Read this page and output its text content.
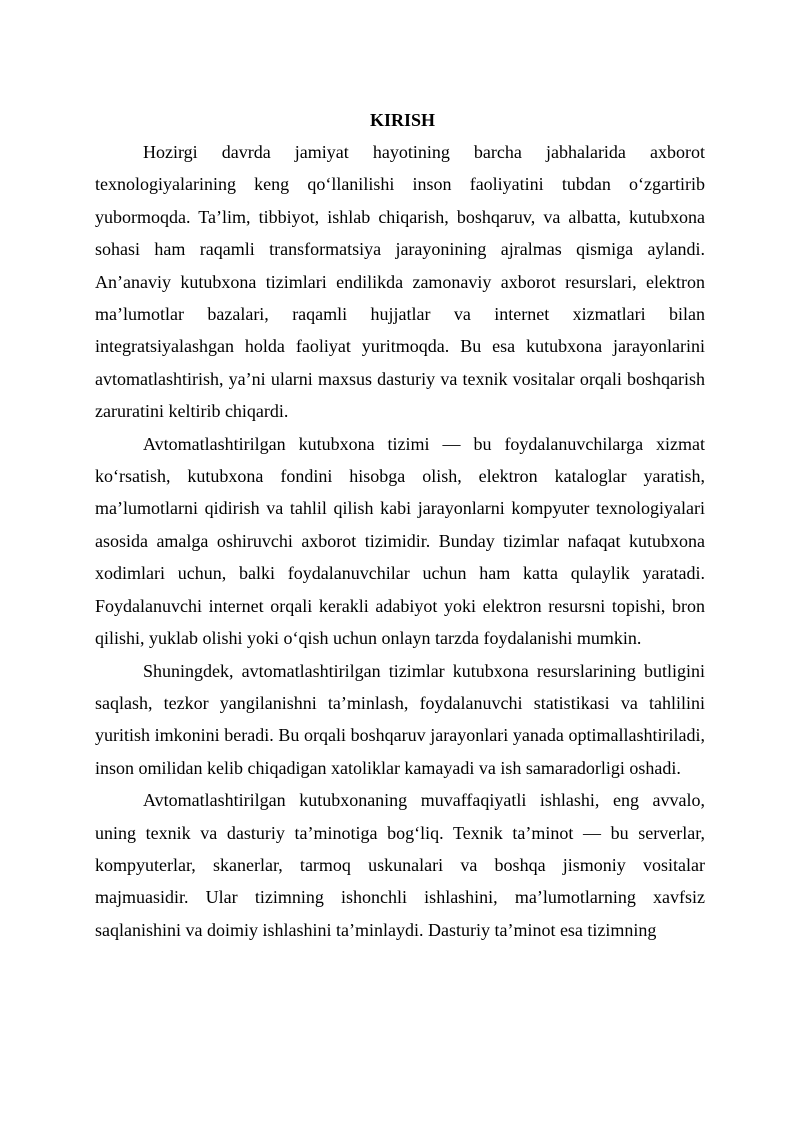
KIRISH

Hozirgi davrda jamiyat hayotining barcha jabhalarida axborot texnologiyalarining keng qo‘llanilishi inson faoliyatini tubdan o‘zgartirib yubormoqda. Ta’lim, tibbiyot, ishlab chiqarish, boshqaruv, va albatta, kutubxona sohasi ham raqamli transformatsiya jarayonining ajralmas qismiga aylandi. An’anaviy kutubxona tizimlari endilikda zamonaviy axborot resurslari, elektron ma’lumotlar bazalari, raqamli hujjatlar va internet xizmatlari bilan integratsiyalashgan holda faoliyat yuritmoqda. Bu esa kutubxona jarayonlarini avtomatlashtirish, ya’ni ularni maxsus dasturiy va texnik vositalar orqali boshqarish zaruratini keltirib chiqardi.

Avtomatlashtirilgan kutubxona tizimi — bu foydalanuvchilarga xizmat ko‘rsatish, kutubxona fondini hisobga olish, elektron kataloglar yaratish, ma’lumotlarni qidirish va tahlil qilish kabi jarayonlarni kompyuter texnologiyalari asosida amalga oshiruvchi axborot tizimidir. Bunday tizimlar nafaqat kutubxona xodimlari uchun, balki foydalanuvchilar uchun ham katta qulaylik yaratadi. Foydalanuvchi internet orqali kerakli adabiyot yoki elektron resursni topishi, bron qilishi, yuklab olishi yoki o‘qish uchun onlayn tarzda foydalanishi mumkin.

Shuningdek, avtomatlashtirilgan tizimlar kutubxona resurslarining butligini saqlash, tezkor yangilanishni ta’minlash, foydalanuvchi statistikasi va tahlilini yuritish imkonini beradi. Bu orqali boshqaruv jarayonlari yanada optimallashtiriladi, inson omilidan kelib chiqadigan xatoliklar kamayadi va ish samaradorligi oshadi.

Avtomatlashtirilgan kutubxonaning muvaffaqiyatli ishlashi, eng avvalo, uning texnik va dasturiy ta’minotiga bog‘liq. Texnik ta’minot — bu serverlar, kompyuterlar, skanerlar, tarmoq uskunalari va boshqa jismoniy vositalar majmuasidir. Ular tizimning ishonchli ishlashini, ma’lumotlarning xavfsiz saqlanishini va doimiy ishlashini ta’minlaydi. Dasturiy ta’minot esa tizimning
